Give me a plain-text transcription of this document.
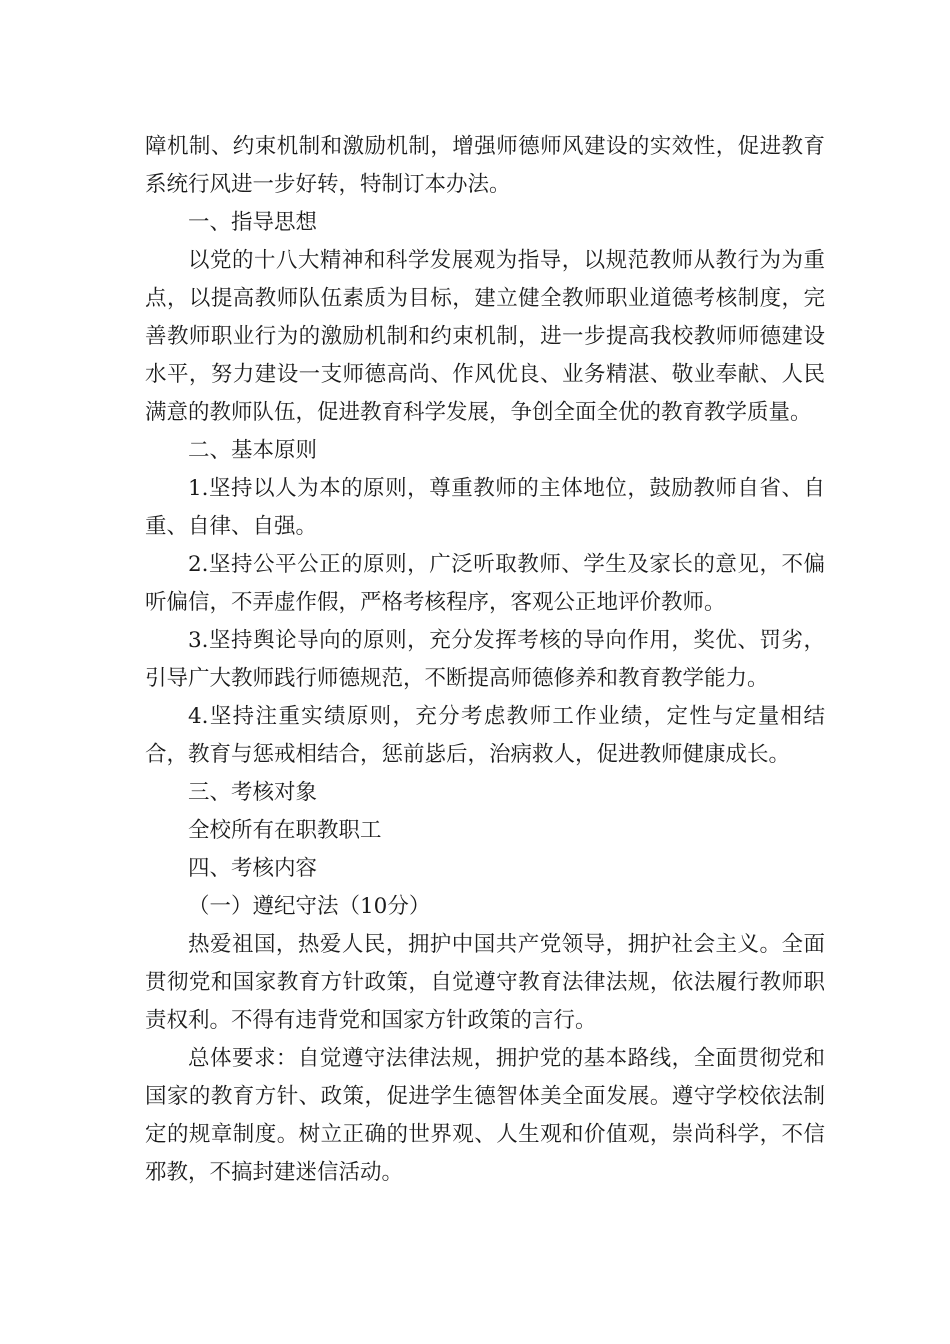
障机制、约束机制和激励机制，增强师德师风建设的实效性，促进教育系统行风进一步好转，特制订本办法。

一、指导思想

以党的十八大精神和科学发展观为指导，以规范教师从教行为为重点，以提高教师队伍素质为目标，建立健全教师职业道德考核制度，完善教师职业行为的激励机制和约束机制，进一步提高我校教师师德建设水平，努力建设一支师德高尚、作风优良、业务精湛、敬业奉献、人民满意的教师队伍，促进教育科学发展，争创全面全优的教育教学质量。

二、基本原则

1.坚持以人为本的原则，尊重教师的主体地位，鼓励教师自省、自重、自律、自强。

2.坚持公平公正的原则，广泛听取教师、学生及家长的意见，不偏听偏信，不弄虚作假，严格考核程序，客观公正地评价教师。

3.坚持舆论导向的原则，充分发挥考核的导向作用，奖优、罚劣，引导广大教师践行师德规范，不断提高师德修养和教育教学能力。

4.坚持注重实绩原则，充分考虑教师工作业绩，定性与定量相结合，教育与惩戒相结合，惩前毖后，治病救人，促进教师健康成长。

三、考核对象

全校所有在职教职工

四、考核内容

（一）遵纪守法（10分）

热爱祖国，热爱人民，拥护中国共产党领导，拥护社会主义。全面贯彻党和国家教育方针政策，自觉遵守教育法律法规，依法履行教师职责权利。不得有违背党和国家方针政策的言行。

总体要求：自觉遵守法律法规，拥护党的基本路线，全面贯彻党和国家的教育方针、政策，促进学生德智体美全面发展。遵守学校依法制定的规章制度。树立正确的世界观、人生观和价值观，崇尚科学，不信邪教，不搞封建迷信活动。
